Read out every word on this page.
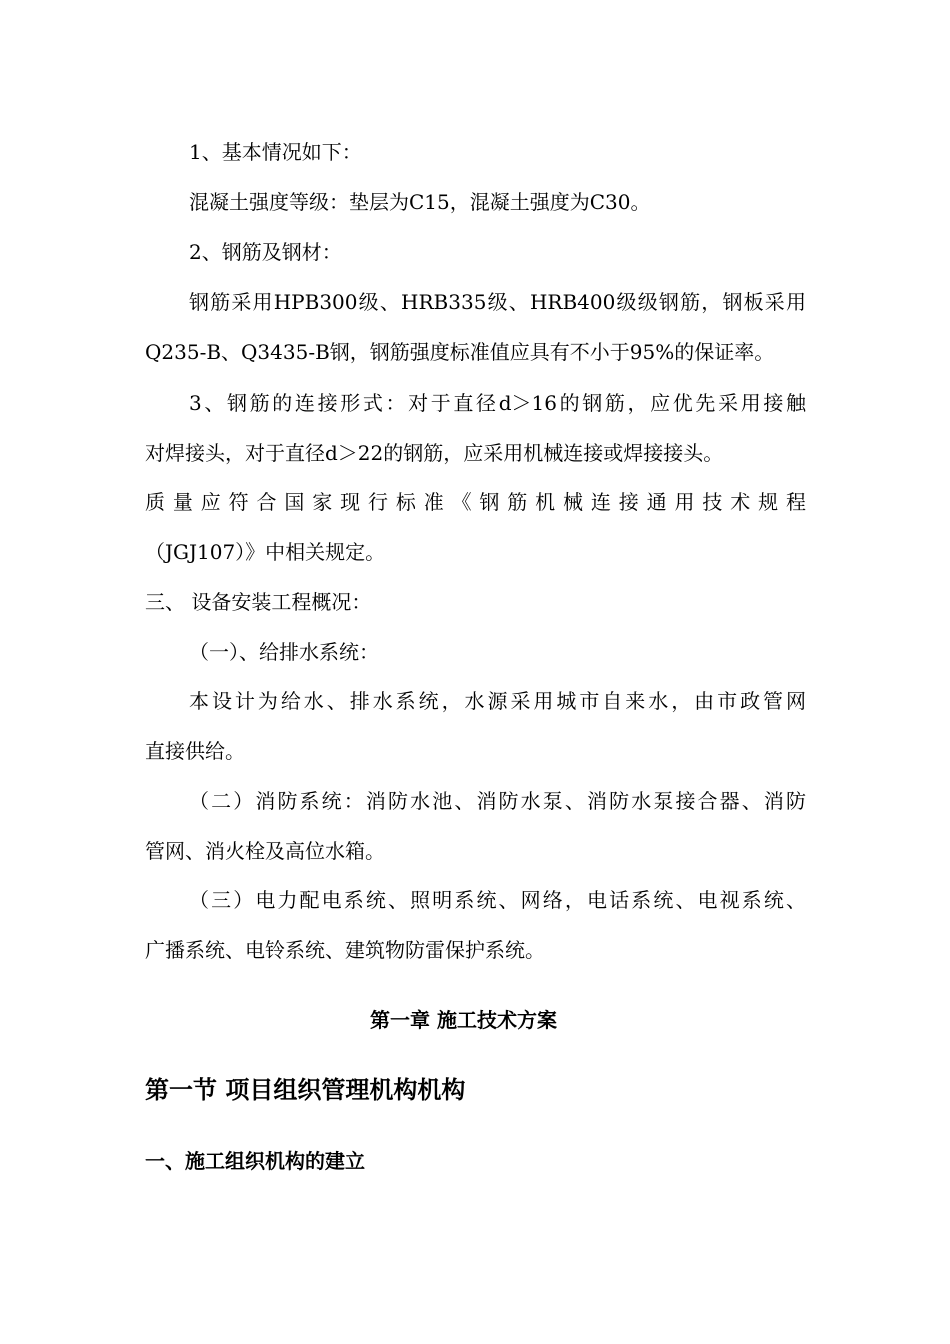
1、基本情况如下：
混凝土强度等级：垫层为C15，混凝土强度为C30。
2、钢筋及钢材：
钢筋采用HPB300级、HRB335级、HRB400级级钢筋，钢板采用
Q235-B、Q3435-B钢，钢筋强度标准值应具有不小于95%的保证率。
3、钢筋的连接形式：对于直径d＞16的钢筋，应优先采用接触
对焊接头，对于直径d＞22的钢筋，应采用机械连接或焊接接头。
质量应符合国家现行标准《钢筋机械连接通用技术规程
（JGJ107）》中相关规定。
三、 设备安装工程概况：
（一）、给排水系统：
本设计为给水、排水系统，水源采用城市自来水，由市政管网
直接供给。
（二）消防系统：消防水池、消防水泵、消防水泵接合器、消防
管网、消火栓及高位水箱。
（三）电力配电系统、照明系统、网络，电话系统、电视系统、
广播系统、电铃系统、建筑物防雷保护系统。
第一章 施工技术方案
第一节 项目组织管理机构机构
一、施工组织机构的建立
